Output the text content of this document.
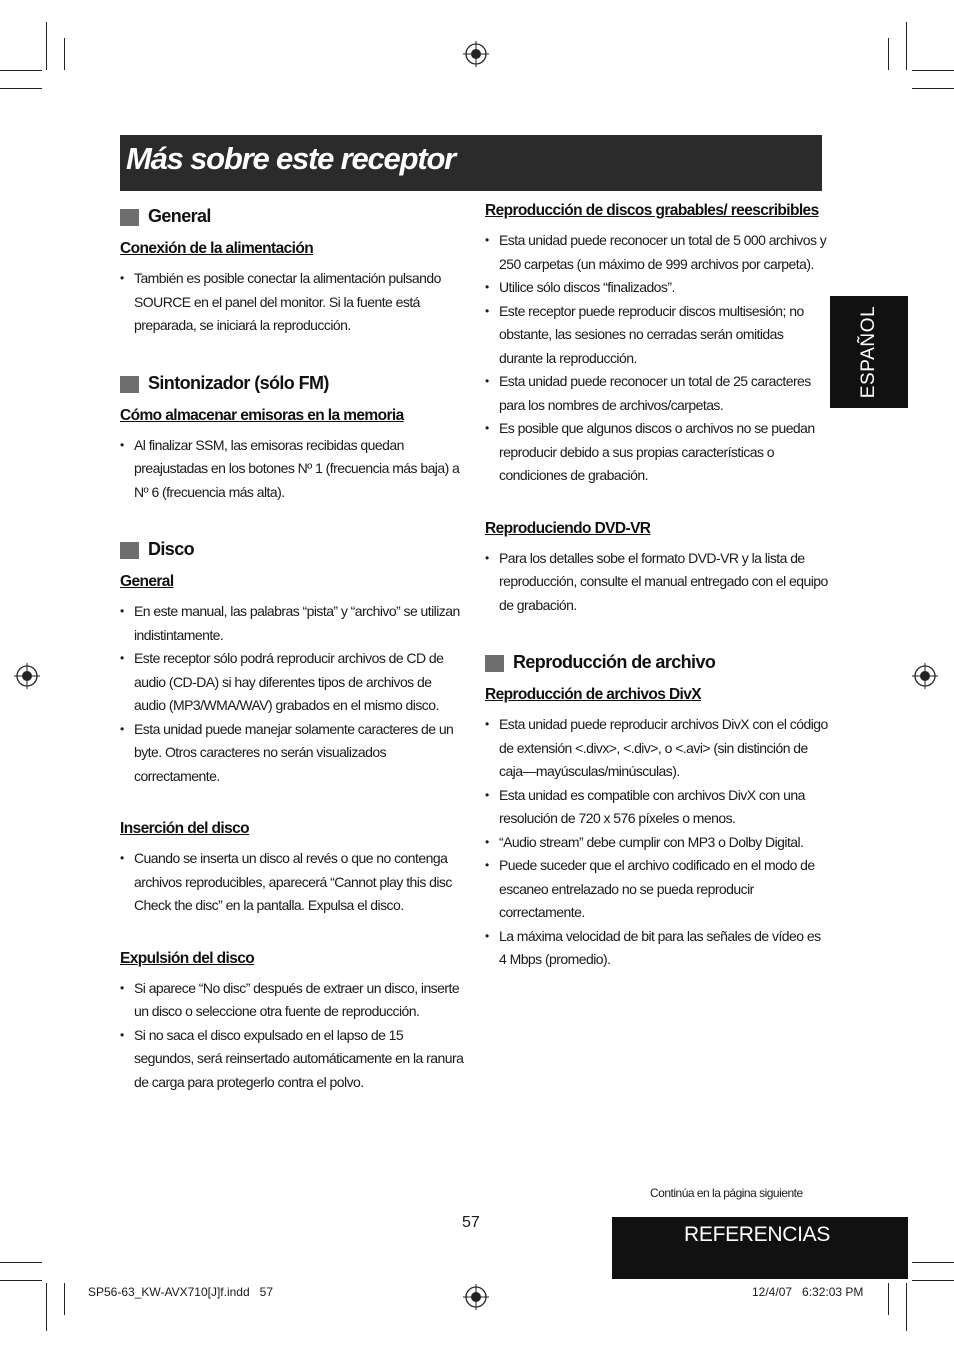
Más sobre este receptor
ESPAÑOL
General
Conexión de la alimentación
• También es posible conectar la alimentación pulsando SOURCE en el panel del monitor. Si la fuente está preparada, se iniciará la reproducción.
Sintonizador (sólo FM)
Cómo almacenar emisoras en la memoria
• Al finalizar SSM, las emisoras recibidas quedan preajustadas en los botones Nº 1 (frecuencia más baja) a Nº 6 (frecuencia más alta).
Disco
General
• En este manual, las palabras “pista” y “archivo” se utilizan indistintamente.
• Este receptor sólo podrá reproducir archivos de CD de audio (CD-DA) si hay diferentes tipos de archivos de audio (MP3/WMA/WAV) grabados en el mismo disco.
• Esta unidad puede manejar solamente caracteres de un byte. Otros caracteres no serán visualizados correctamente.
Inserción del disco
• Cuando se inserta un disco al revés o que no contenga archivos reproducibles, aparecerá “Cannot play this disc Check the disc” en la pantalla. Expulsa el disco.
Expulsión del disco
• Si aparece “No disc” después de extraer un disco, inserte un disco o seleccione otra fuente de reproducción.
• Si no saca el disco expulsado en el lapso de 15 segundos, será reinsertado automáticamente en la ranura de carga para protegerlo contra el polvo.
Reproducción de discos grabables/ reescribibles
• Esta unidad puede reconocer un total de 5 000 archivos y 250 carpetas (un máximo de 999 archivos por carpeta).
• Utilice sólo discos “finalizados”.
• Este receptor puede reproducir discos multisesión; no obstante, las sesiones no cerradas serán omitidas durante la reproducción.
• Esta unidad puede reconocer un total de 25 caracteres para los nombres de archivos/carpetas.
• Es posible que algunos discos o archivos no se puedan reproducir debido a sus propias características o condiciones de grabación.
Reproduciendo DVD-VR
• Para los detalles sobe el formato DVD-VR y la lista de reproducción, consulte el manual entregado con el equipo de grabación.
Reproducción de archivo
Reproducción de archivos DivX
• Esta unidad puede reproducir archivos DivX con el código de extensión <.divx>, <.div>, o <.avi> (sin distinción de caja—mayúsculas/minúsculas).
• Esta unidad es compatible con archivos DivX con una resolución de 720 x 576 píxeles o menos.
• “Audio stream” debe cumplir con MP3 o Dolby Digital.
• Puede suceder que el archivo codificado en el modo de escaneo entrelazado no se pueda reproducir correctamente.
• La máxima velocidad de bit para las señales de vídeo es 4 Mbps (promedio).
Continúa en la página siguiente
57
REFERENCIAS
SP56-63_KW-AVX710[J]f.indd   57	12/4/07   6:32:03 PM
